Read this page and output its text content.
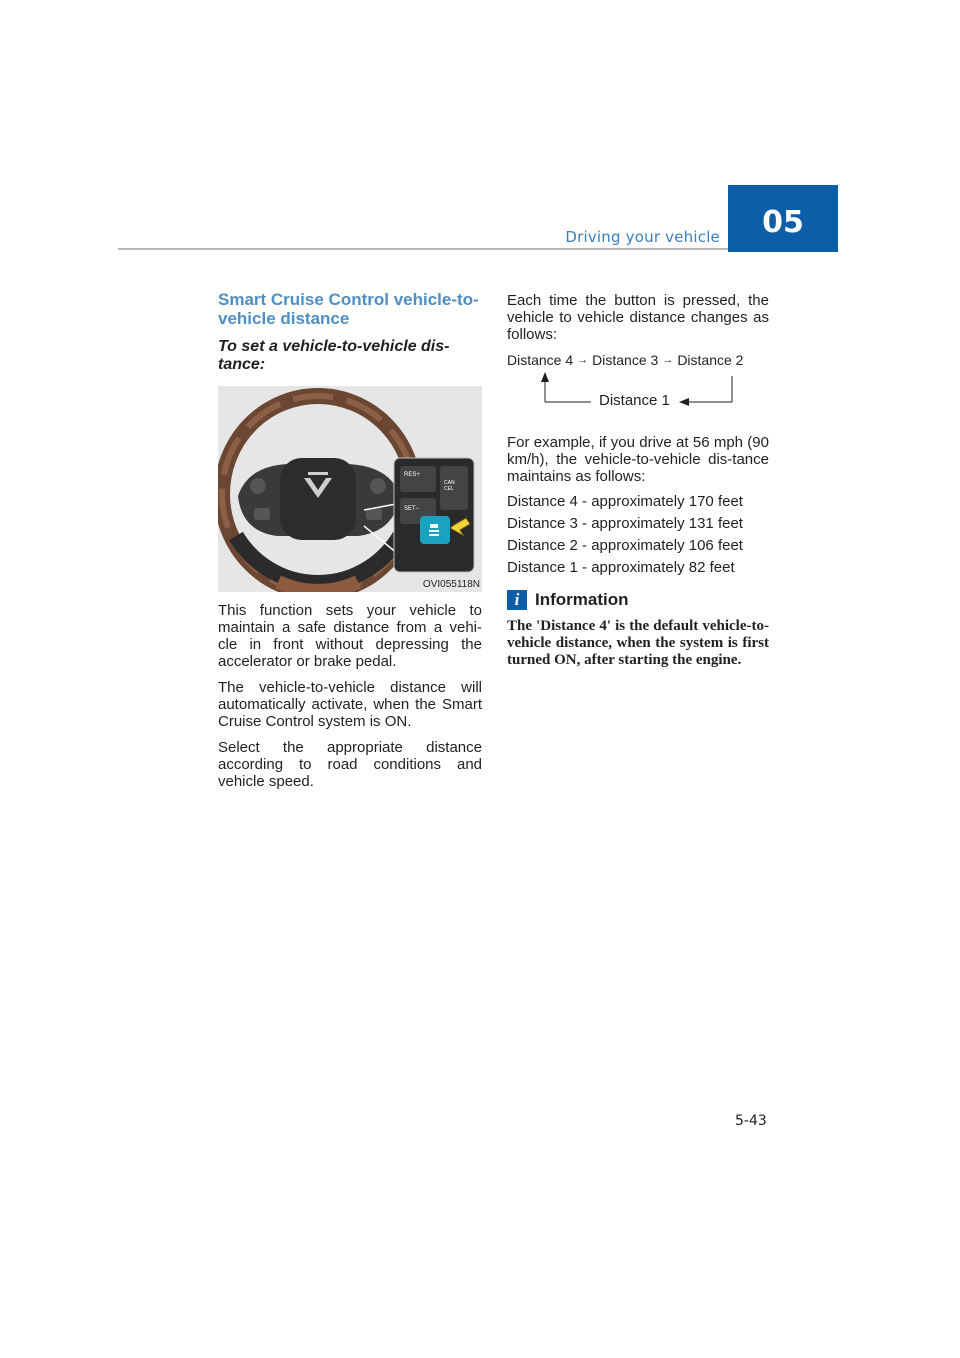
Driving your vehicle	05
Smart Cruise Control vehicle-to-vehicle distance
To set a vehicle-to-vehicle dis-tance:
RES+
CAN
CEL
SET−
OVI055118N

This function sets your vehicle to maintain a safe distance from a vehi-cle in front without depressing the accelerator or brake pedal.

The vehicle-to-vehicle distance will automatically activate, when the Smart Cruise Control system is ON.

Select the appropriate distance according to road conditions and vehicle speed.

Each time the button is pressed, the vehicle to vehicle distance changes as follows:

Distance 4 → Distance 3 → Distance 2
Distance 1

For example, if you drive at 56 mph (90 km/h), the vehicle-to-vehicle dis-tance maintains as follows:

Distance 4 - approximately 170 feet

Distance 3 - approximately 131 feet

Distance 2 - approximately 106 feet

Distance 1 - approximately 82 feet

i Information

The 'Distance 4' is the default vehicle-to-vehicle distance, when the system is first turned ON, after starting the engine.

5-43
